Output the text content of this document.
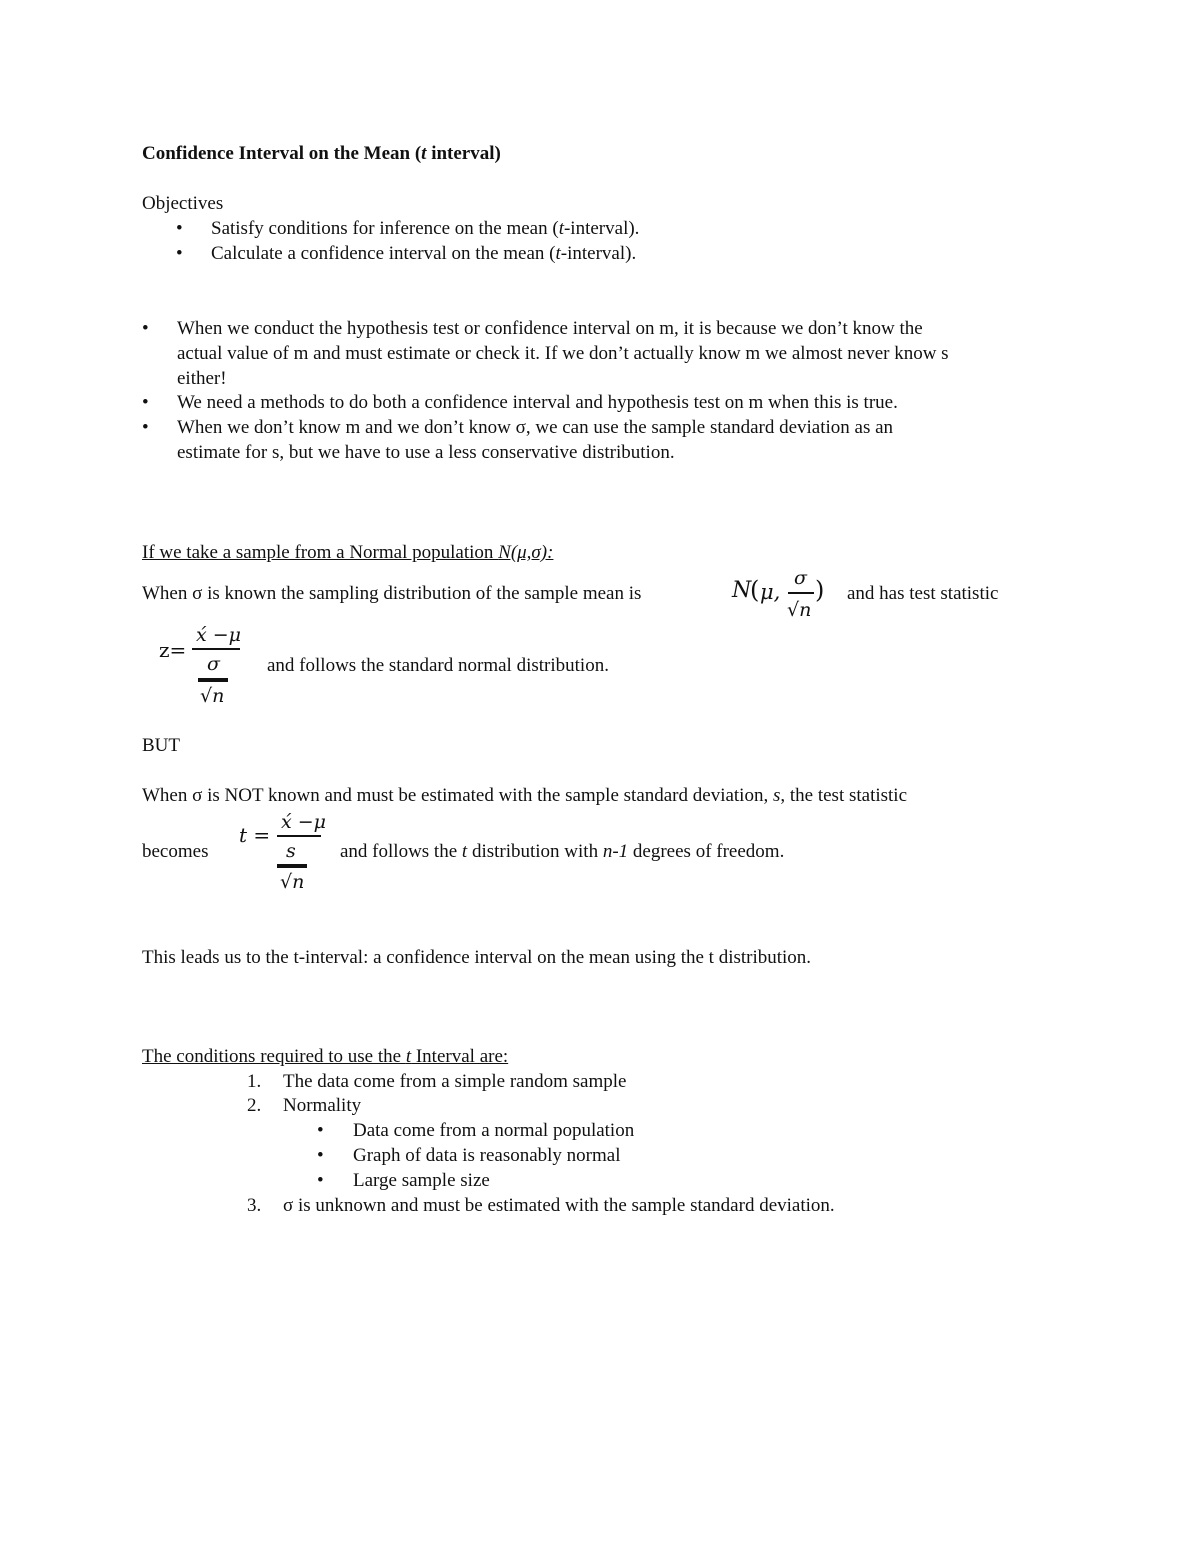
Confidence Interval on the Mean (t interval)
Objectives
• Satisfy conditions for inference on the mean (t-interval).
• Calculate a confidence interval on the mean (t-interval).
• When we conduct the hypothesis test or confidence interval on m, it is because we don’t know the
actual value of m and must estimate or check it. If we don’t actually know m we almost never know s
either!
• We need a methods to do both a confidence interval and hypothesis test on m when this is true.
• When we don’t know m and we don’t know σ, we can use the sample standard deviation as an
estimate for s, but we have to use a less conservative distribution.
If we take a sample from a Normal population N(μ,σ):
When σ is known the sampling distribution of the sample mean is	N
( μ,
σ
√n
) and has test statistic
z=
x́ −μ
σ
√n
and follows the standard normal distribution.
BUT
When σ is NOT known and must be estimated with the sample standard deviation, s, the test statistic
becomes
t =
x́ −μ
s
√n
and follows the t distribution with n-1 degrees of freedom.
This leads us to the t-interval: a confidence interval on the mean using the t distribution.
The conditions required to use the t Interval are:
1. The data come from a simple random sample
2. Normality
• Data come from a normal population
• Graph of data is reasonably normal
• Large sample size
3. σ is unknown and must be estimated with the sample standard deviation.
